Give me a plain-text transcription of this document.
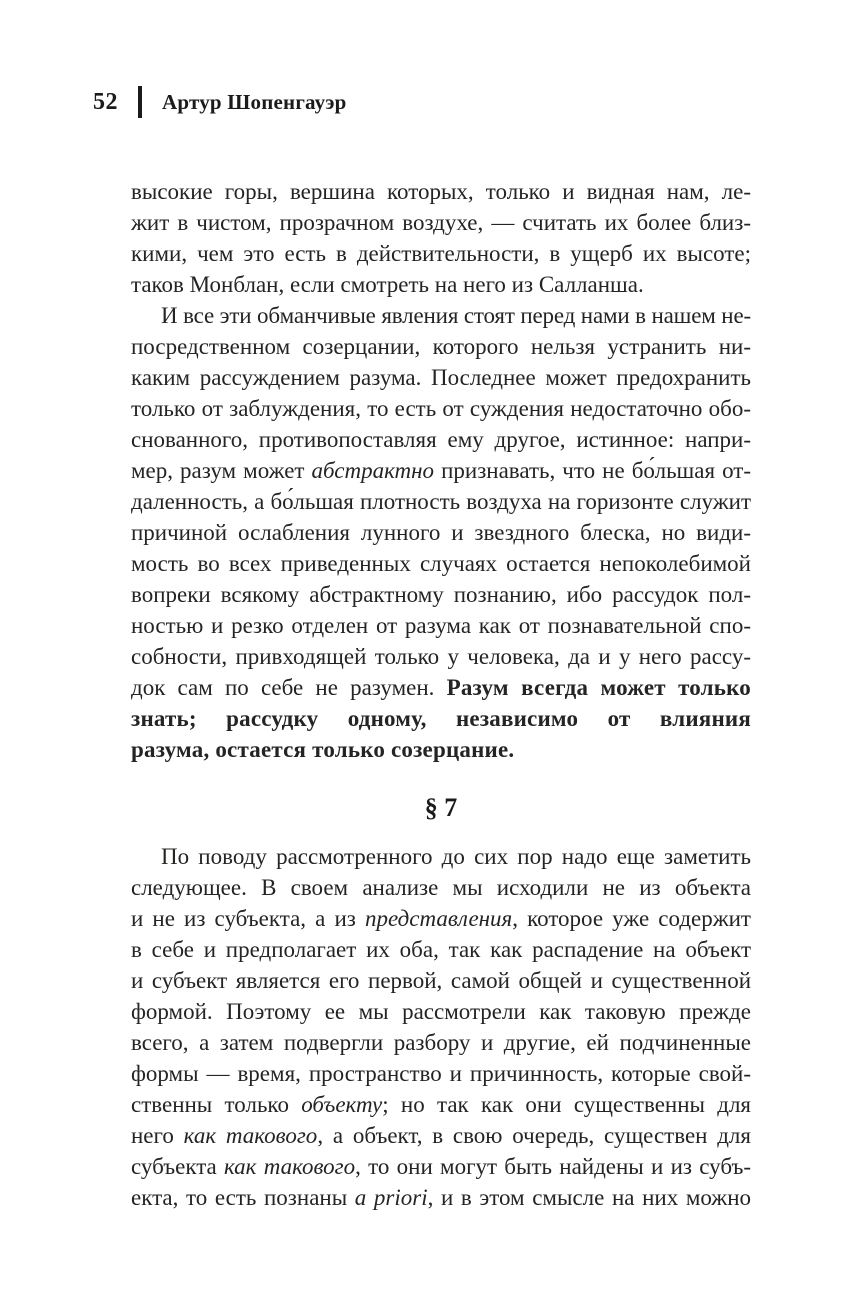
52 Артур Шопенгауэр
высокие горы, вершина которых, только и видная нам, ле-
жит в чистом, прозрачном воздухе, — считать их более близ-
кими, чем это есть в действительности, в ущерб их высоте;
таков Монблан, если смотреть на него из Салланша.
И все эти обманчивые явления стоят перед нами в нашем не-
посредственном созерцании, которого нельзя устранить ни-
каким рассуждением разума. Последнее может предохранить
только от заблуждения, то есть от суждения недостаточно обо-
снованного, противопоставляя ему другое, истинное: напри-
мер, разум может абстрактно признавать, что не бо́льшая от-
даленность, а бо́льшая плотность воздуха на горизонте служит
причиной ослабления лунного и звездного блеска, но види-
мость во всех приведенных случаях остается непоколебимой
вопреки всякому абстрактному познанию, ибо рассудок пол-
ностью и резко отделен от разума как от познавательной спо-
собности, привходящей только у человека, да и у него рассу-
док сам по себе не разумен. Разум всегда может только
знать; рассудку одному, независимо от влияния
разума, остается только созерцание.
§ 7
По поводу рассмотренного до сих пор надо еще заметить
следующее. В своем анализе мы исходили не из объекта
и не из субъекта, а из представления, которое уже содержит
в себе и предполагает их оба, так как распадение на объект
и субъект является его первой, самой общей и существенной
формой. Поэтому ее мы рассмотрели как таковую прежде
всего, а затем подвергли разбору и другие, ей подчиненные
формы — время, пространство и причинность, которые свой-
ственны только объекту; но так как они существенны для
него как такового, а объект, в свою очередь, существен для
субъекта как такового, то они могут быть найдены и из субъ-
екта, то есть познаны a priori, и в этом смысле на них можно
